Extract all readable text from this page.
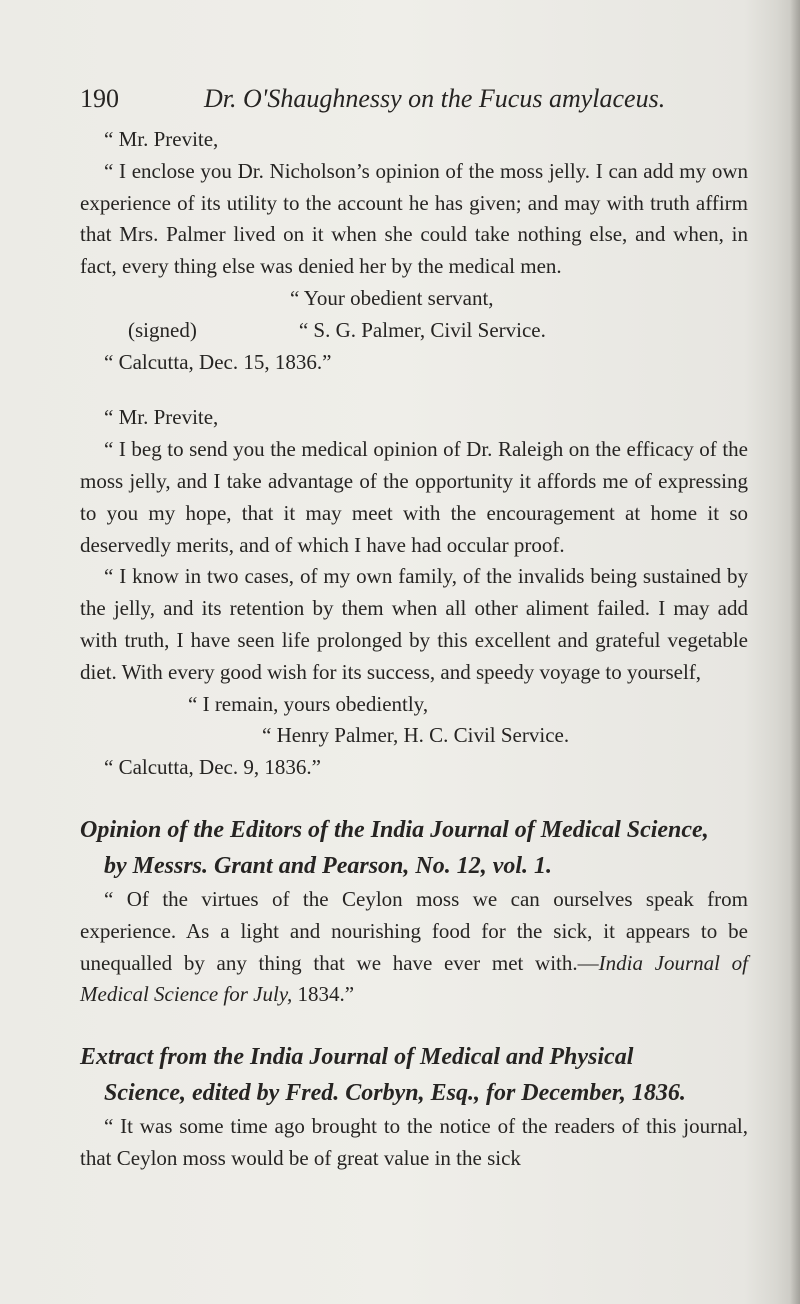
190	Dr. O'Shaughnessy on the Fucus amylaceus.

“ Mr. Previte,

“ I enclose you Dr. Nicholson’s opinion of the moss jelly. I can add my own experience of its utility to the account he has given; and may with truth affirm that Mrs. Palmer lived on it when she could take nothing else, and when, in fact, every thing else was denied her by the medical men.

“ Your obedient servant,

(signed)	“ S. G. Palmer, Civil Service.

“ Calcutta, Dec. 15, 1836.”

“ Mr. Previte,

“ I beg to send you the medical opinion of Dr. Raleigh on the efficacy of the moss jelly, and I take advantage of the opportunity it affords me of expressing to you my hope, that it may meet with the encouragement at home it so deservedly merits, and of which I have had occular proof.

“ I know in two cases, of my own family, of the invalids being sustained by the jelly, and its retention by them when all other aliment failed. I may add with truth, I have seen life prolonged by this excellent and grateful vegetable diet. With every good wish for its success, and speedy voyage to yourself,

“ I remain, yours obediently,

“ Henry Palmer, H. C. Civil Service.

“ Calcutta, Dec. 9, 1836.”

Opinion of the Editors of the India Journal of Medical Science,
by Messrs. Grant and Pearson, No. 12, vol. 1.

“ Of the virtues of the Ceylon moss we can ourselves speak from experience. As a light and nourishing food for the sick, it appears to be unequalled by any thing that we have ever met with.—India Journal of Medical Science for July, 1834.”

Extract from the India Journal of Medical and Physical
Science, edited by Fred. Corbyn, Esq., for December, 1836.

“ It was some time ago brought to the notice of the readers of this journal, that Ceylon moss would be of great value in the sick
